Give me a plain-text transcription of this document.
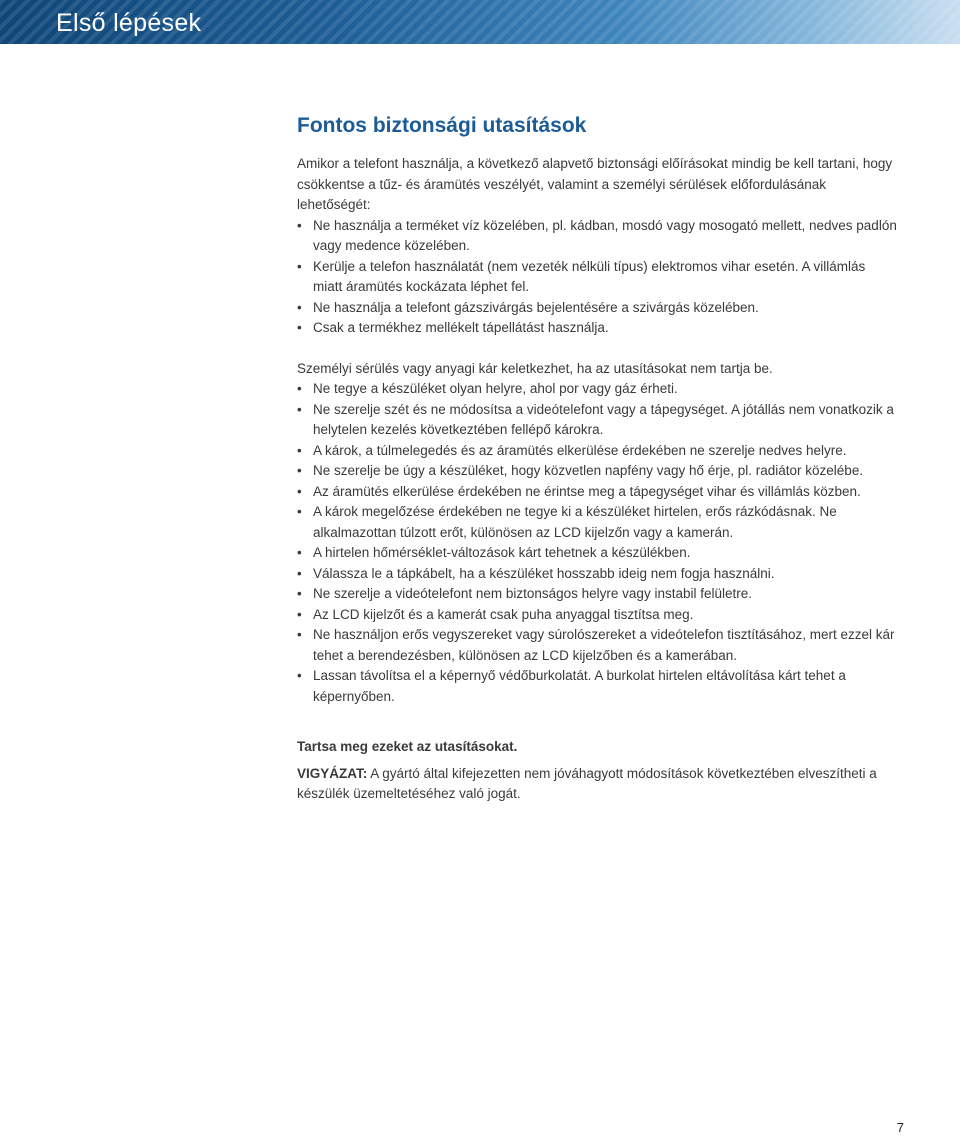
Első lépések
Fontos biztonsági utasítások

Amikor a telefont használja, a következő alapvető biztonsági előírásokat mindig be kell tartani, hogy csökkentse a tűz- és áramütés veszélyét, valamint a személyi sérülések előfordulásának lehetőségét:

• Ne használja a terméket víz közelében, pl. kádban, mosdó vagy mosogató mellett, nedves padlón vagy medence közelében.
• Kerülje a telefon használatát (nem vezeték nélküli típus) elektromos vihar esetén. A villámlás miatt áramütés kockázata léphet fel.
• Ne használja a telefont gázszivárgás bejelentésére a szivárgás közelében.
• Csak a termékhez mellékelt tápellátást használja.

Személyi sérülés vagy anyagi kár keletkezhet, ha az utasításokat nem tartja be.

• Ne tegye a készüléket olyan helyre, ahol por vagy gáz érheti.
• Ne szerelje szét és ne módosítsa a videótelefont vagy a tápegységet. A jótállás nem vonatkozik a helytelen kezelés következtében fellépő károkra.
• A károk, a túlmelegedés és az áramütés elkerülése érdekében ne szerelje nedves helyre.
• Ne szerelje be úgy a készüléket, hogy közvetlen napfény vagy hő érje, pl. radiátor közelébe.
• Az áramütés elkerülése érdekében ne érintse meg a tápegységet vihar és villámlás közben.
• A károk megelőzése érdekében ne tegye ki a készüléket hirtelen, erős rázkódásnak. Ne alkalmazottan túlzott erőt, különösen az LCD kijelzőn vagy a kamerán.
• A hirtelen hőmérséklet-változások kárt tehetnek a készülékben.
• Válassza le a tápkábelt, ha a készüléket hosszabb ideig nem fogja használni.
• Ne szerelje a videótelefont nem biztonságos helyre vagy instabil felületre.
• Az LCD kijelzőt és a kamerát csak puha anyaggal tisztítsa meg.
• Ne használjon erős vegyszereket vagy súrolószereket a videótelefon tisztításához, mert ezzel kár tehet a berendezésben, különösen az LCD kijelzőben és a kamerában.
• Lassan távolítsa el a képernyő védőburkolatát. A burkolat hirtelen eltávolítása kárt tehet a képernyőben.

Tartsa meg ezeket az utasításokat.

VIGYÁZAT: A gyártó által kifejezetten nem jóváhagyott módosítások következtében elveszítheti a készülék üzemeltetéséhez való jogát.

7
